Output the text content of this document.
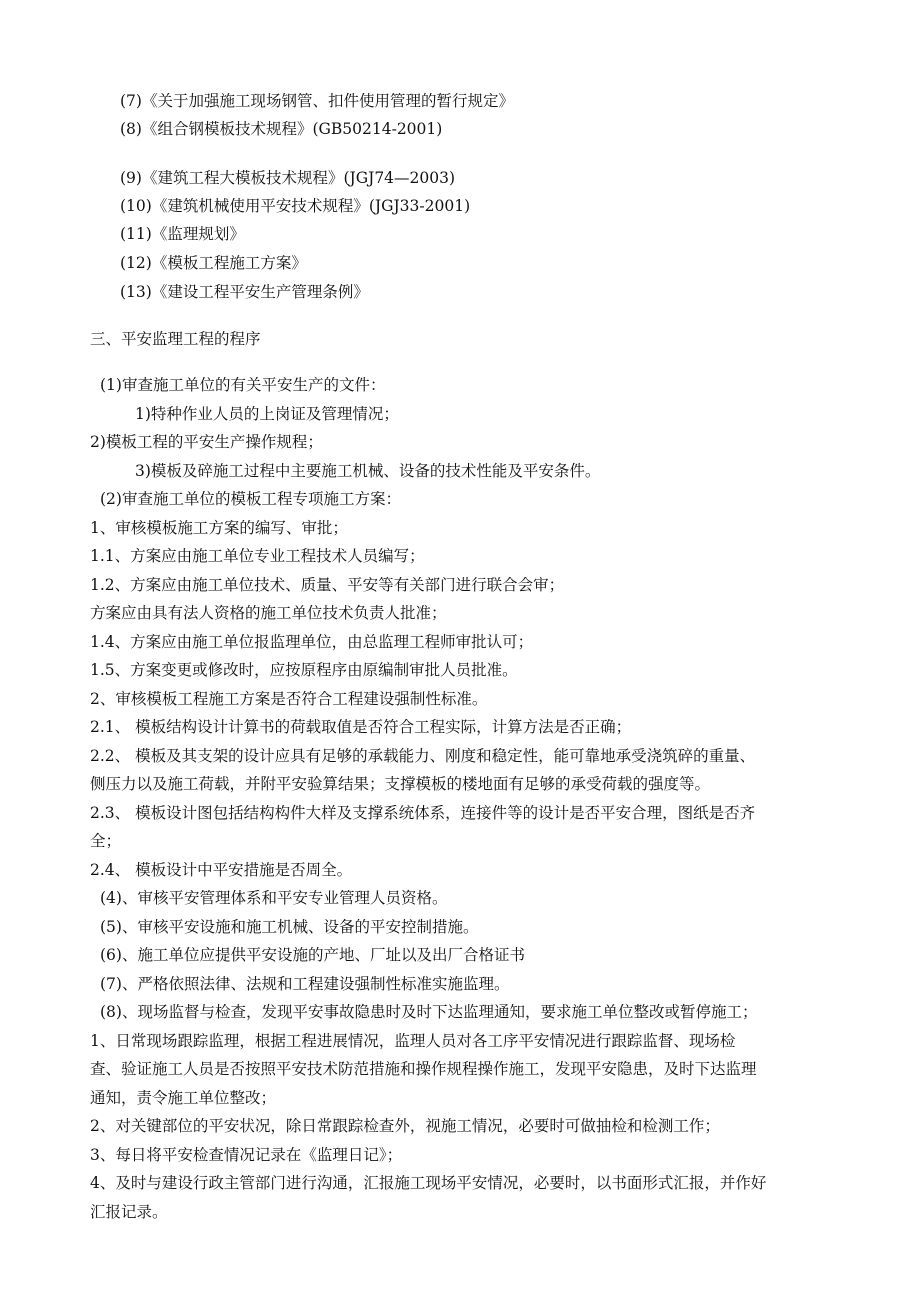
(7)《关于加强施工现场钢管、扣件使用管理的暂行规定》
(8)《组合钢模板技术规程》(GB50214-2001)
(9)《建筑工程大模板技术规程》(JGJ74—2003)
(10)《建筑机械使用平安技术规程》(JGJ33-2001)
(11)《监理规划》
(12)《模板工程施工方案》
(13)《建设工程平安生产管理条例》
三、平安监理工程的程序
(1)审查施工单位的有关平安生产的文件：
1)特种作业人员的上岗证及管理情况；
2)模板工程的平安生产操作规程；
3)模板及碎施工过程中主要施工机械、设备的技术性能及平安条件。
(2)审查施工单位的模板工程专项施工方案：
1、审核模板施工方案的编写、审批；
1.1、方案应由施工单位专业工程技术人员编写；
1.2、方案应由施工单位技术、质量、平安等有关部门进行联合会审；
方案应由具有法人资格的施工单位技术负责人批准；
1.4、方案应由施工单位报监理单位，由总监理工程师审批认可；
1.5、方案变更或修改时，应按原程序由原编制审批人员批准。
2、审核模板工程施工方案是否符合工程建设强制性标准。
2.1、 模板结构设计计算书的荷载取值是否符合工程实际，计算方法是否正确；
2.2、 模板及其支架的设计应具有足够的承载能力、刚度和稳定性，能可靠地承受浇筑碎的重量、
侧压力以及施工荷载，并附平安验算结果；支撑模板的楼地面有足够的承受荷载的强度等。
2.3、 模板设计图包括结构构件大样及支撑系统体系，连接件等的设计是否平安合理，图纸是否齐
全；
2.4、 模板设计中平安措施是否周全。
(4)、审核平安管理体系和平安专业管理人员资格。
(5)、审核平安设施和施工机械、设备的平安控制措施。
(6)、施工单位应提供平安设施的产地、厂址以及出厂合格证书
(7)、严格依照法律、法规和工程建设强制性标准实施监理。
(8)、现场监督与检查，发现平安事故隐患时及时下达监理通知，要求施工单位整改或暂停施工；
1、日常现场跟踪监理，根据工程进展情况，监理人员对各工序平安情况进行跟踪监督、现场检
查、验证施工人员是否按照平安技术防范措施和操作规程操作施工，发现平安隐患，及时下达监理
通知，责令施工单位整改；
2、对关键部位的平安状况，除日常跟踪检查外，视施工情况，必要时可做抽检和检测工作；
3、每日将平安检查情况记录在《监理日记》；
4、及时与建设行政主管部门进行沟通，汇报施工现场平安情况，必要时，以书面形式汇报，并作好
汇报记录。
